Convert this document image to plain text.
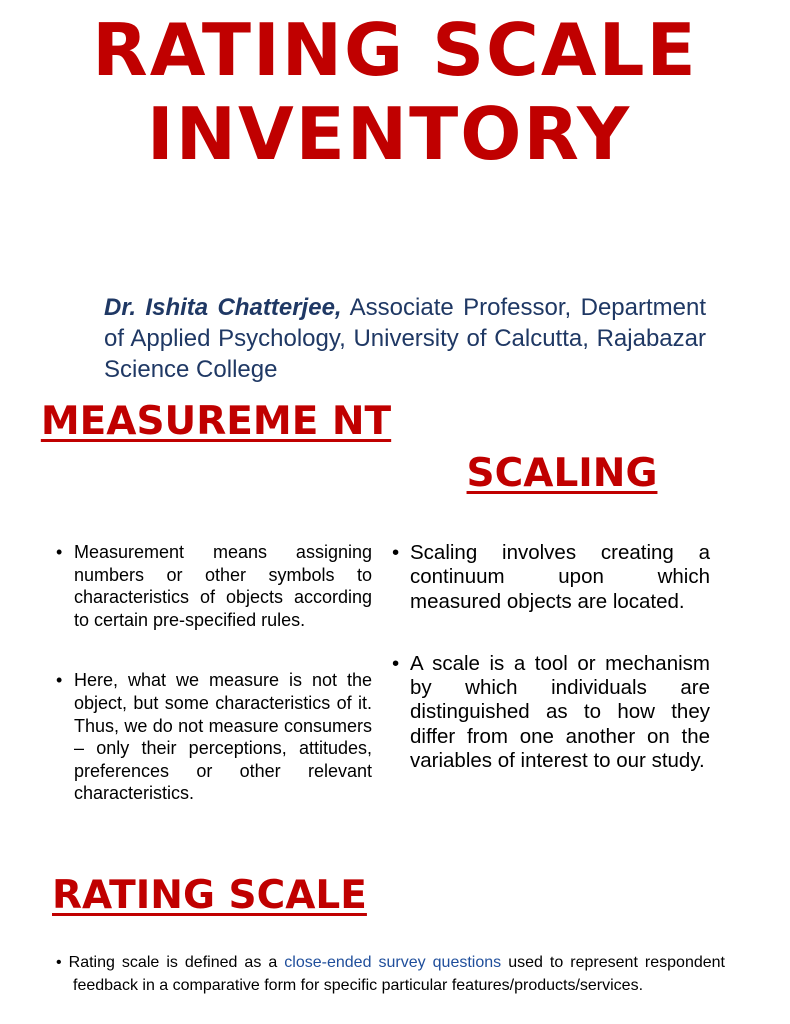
RATING SCALE
INVENTORY

Dr. Ishita Chatterjee, Associate Professor, Department of Applied Psychology, University of Calcutta, Rajabazar Science College

MEASUREME NT
SCALING
• Measurement means assigning numbers or other symbols to characteristics of objects according to certain pre-specified rules.
• Here, what we measure is not the object, but some characteristics of it. Thus, we do not measure consumers – only their perceptions, attitudes, preferences or other relevant characteristics.
• Scaling involves creating a continuum upon which measured objects are located.
• A scale is a tool or mechanism by which individuals are distinguished as to how they differ from one another on the variables of interest to our study.
RATING SCALE

• Rating scale is defined as a close-ended survey questions used to represent respondent feedback in a comparative form for specific particular features/products/services.
